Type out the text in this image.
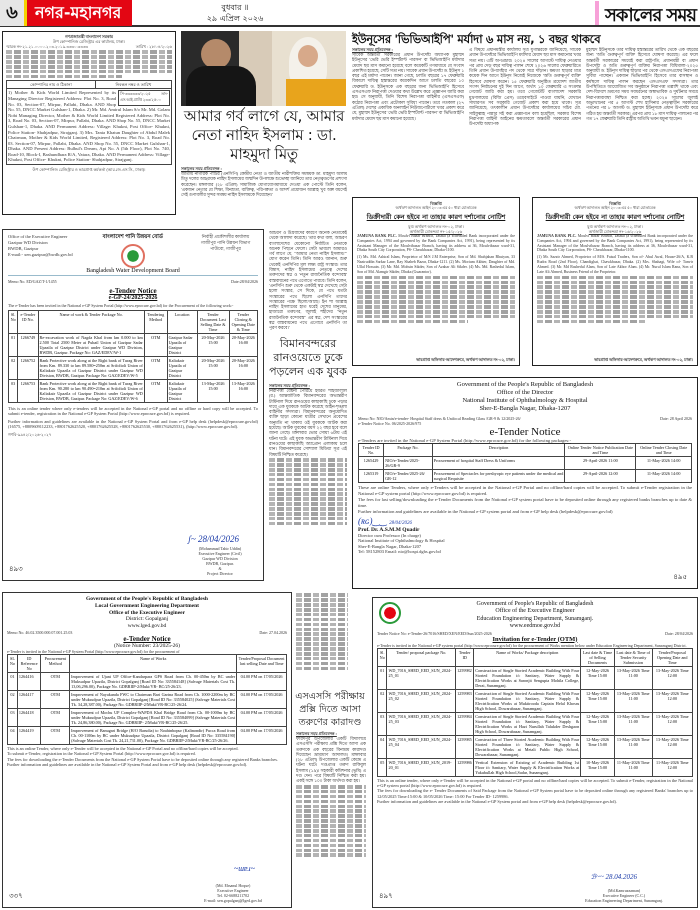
৬	নগর-মহানগর	বুধবার ॥
২৯ এপ্রিল ২০২৬	সকালের সময়
গণপ্রজাতন্ত্রী বাংলাদেশ সরকার
উপ কোম্পানিজ রেজিস্ট্রার এর কার্যালয়, ঢাকা।
স্মারক নং-২১.২১.০০০০.২০৩.২০১৯.৩৩৩০.৩৩৩৩	তারিখ : ২৮/০৪/২০২৬
কোম্পানির নাম ও ঠিকানা	নিবন্ধন নম্বর ও তারিখ

সি-৩৩৩৩৩৩/২০২৫ তাং- এস.আই.প্রাপ্তি ২৩৩/২৫০০
1) Mother & Kids World Limited Represented by its Managing Director Registered Address: Plot No. 3, Road No. 03, Section-07, Mirpur, Pallabi, Dhaka. AND Shop No. 55, DNCC Market Gulshan-1, Dhaka. 2) Mr. Md. Amirul Islam S/o Mr. Md. Golam Nobi Managing Director, Mother & Kids World Limited Registered Address: Plot No. 3, Road No. 03, Section-07, Mirpur, Pallabi, Dhaka. AND Shop No. 55, DNCC Market Gulshan-1, Dhaka. AND Permanent Address: Village: Khukni, Post Office- Khukni, Police Station- Shahjadpur, Sirajganj. 3) Mrs. Tania Khatun Daughter of Abdul Malek Chairman, Mother & Kids World Limited, Registered Address: Plot No. 3, Road No. 03. Section-07, Mirpur, Pallabi, Dhaka. AND Shop No. 55, DNCC Market Gulshan-1, Dhaka. AND Present Address: Bulbul's Dream, Apt No. A (5th Floor), Plot No. 740, Road-10, Block-I, Bashundhara R/A, Vatara, Dhaka. AND Permanent Address: Village- Khukni, Post Office- Khukni, Police Station- Shahjadpur, Sirajganj.
উপ কোম্পানিজ রেজিস্ট্রার ও ভারপ্রাপ্ত কর্মকর্তা (আর.জে.এস.সি., ঢাকা)।
আমার গর্ব লাগে যে, আমার নেতা নাহিদ ইসলাম : ডা. মাহমুদা মিতু
সকালের সময় প্রতিবেদক :
জাতীয় নাগরিক পার্টির (এনসিপি) কেন্দ্রীয় নেতা ও জাতীয় নারীশক্তির সমন্বয়ক ডা. মাহমুদা আলম মিতু দলের আহ্বায়ক নাহিদ ইসলামের জন্মদিন উপলক্ষে শুভেচ্ছা জানিয়ে তার নেতৃত্বগুণের প্রশংসা করেছেন। মঙ্গলবার (২৮ এপ্রিল) সামাজিক যোগাযোগমাধ্যমে দেওয়া এক পোস্টে তিনি বলেন, 'একজন নেতার যে শিক্ষা, বিনম্রতা, ব্যক্তিত্ব, পরিপক্বতা ও আদর্শ প্রয়োজন আল্লাহ খুব অল্প বয়সেই সেই গুণাবলীর সুন্দর সমন্বয় নাহিদ ইসলামকে দিয়েছেন।'
Office of the Executive Engineer
Gazipur WD Division
BWDB, Gazipur
E-mail:- xen.gazipur@bwdb.gov.bd
বাংলাদেশ পানি উন্নয়ন বোর্ড	নির্বাহী প্রকৌশলীর কার্যালয়
গাজীপুর পানি উন্নয়ন বিভাগ
পাউবো, গাজীপুর
Bangladesh Water Development Board
Memo No. ED/GAZ/T-1/1455	Date:28/04/2026
e-Tender Notice
e-GP-24/2025-2026
The e-Tender has been invited in the National e-GP System Portal (http://www.eprocure.gov.bd) for the Procurement of the following work:-
Sl. No	e-Tender ID No.	Name of work & Tender Package No.	Tendering Method	Location	Tender Document Last Selling Date & Time	Tender Closing & Opening Date & Time
01	1266749	Re-excavation work of Nagda Khal from km 0.000 to km 2.500 Total 2500 Meter at Pubail Union of Gazipur Sadar Upazila of Gazipur District under Gazipur WD Division, BWDB, Gazipur. Package No: GAZ/EDEV/W-1	OTM	Gazipur Sadar Upazila of Gazipur District	20-May-2026 15:00	20-May-2026 16:00
02	1266752	Bank Protective work along at the Right bank of Turag River from Km. 89.330 to km 89.580=250m at Srifoltoli Union of Kaliakair Upazila of Gazipur District under Gazipur WD Division, BWDB, Gazipur. Package No: GAZ/EDEV/W-5	OTM	Kaliakair Upazila of Gazipur District	20-May-2026 15:00	20-May-2026 16:00
03	1266753	Bank Protective work along at the Right bank of Turag River from Km. 90.280 to km 90.490=210m at Srifoltoli Union of Kaliakair Upazila of Gazipur District under Gazipur WD Division, BWDB, Gazipur. Package No: GAZ/EDEV/W-6	OTM	Kaliakair Upazila of Gazipur District	13-May-2026 15:00	13-May-2026 16:00
This is an online tender where only e-tenders will be accepted in the National e-GP portal and no offline or hard copy will be accepted. To submit e-tender, registration in the National e-GP System Portal (http://www.eprocure.gov.bd) is required.
Further information and guidelines are available in the National e-GP System Portal and from e-GP help desk (helpdesk@eprocure.gov.bd) (16575, +8809609112233, +8801762625520, +8801762625528, +8801762625530, +8801762625531), (http://www.eprocure.gov.bd).
গণবি-৯৯৪২/২০২৬-২০২৭
ʃ~ 28/04/2026
(Mohammad Tahir Uddin)
Executive Engineer (Civil)
Gazipur WD Division
BWDB, Gazipur.
&
Project Director
৪৯৩
আচরণ ও উগ্রবাদের কারণে অনেক নেতাকেই থেকে আলাদা করেছে। 'তার কথা বলা, আচরণ বাংলাদেশের যেকোনো নির্বাচিত নেতাকে অনেক পিছনে ফেলে। সেটা ভাবলে আমারও গর্ব লাগে যে, "আমার নেতা নাহিদ ইসলাম।"' যোগ করেন তিনি। তিনি আরও জানান, শুরু থেকেই এনসিপির মূল লক্ষ্য রাষ্ট্র সংস্কার। তার বিশ্বাস, নাহিদ ইসলামের নেতৃত্বে দেশের তরুণদের স্বপ্ন ও 'নতুন রাজনৈতিক বন্দোবস্ত' বাস্তবায়নের পথে এগোতে পারবে। তিনি বলেন, 'এনসিপি শুরু থেকে একটাই স্বপ্ন দেখেছে সেটা হলো সংস্কার, সে দিকে, যে পথে যতটা সংস্কারের পথে ছিলো এনসিপি তাদের সংস্কারের পক্ষে ছিলো/আছে। ইন শা আল্লাহ নাহিদ ইসলামের হাত ধরেই দেশের মানুষের, হাজারো তরুণের, জুলাই শহীদের "নতুন রাজনৈতিক বন্দোবস্ত" এর স্বপ্ন, দেশ সংস্কারের স্বপ্ন বাস্তবায়নের পথে এগোবে এনসিপি তা পূরণ করবে।'
বিমানবন্দরের রানওয়েতে ঢুকে পড়লেন এক যুবক
সকালের সময় প্রতিবেদক :
নিরাপত্তা বেষ্টনী পেরিয়ে হযরত শাহজালাল (র.) আন্তর্জাতিক বিমানবন্দরের অভ্যন্তরীণ টার্মিনাল দিয়ে রানওয়ের কাছাকাছি ঢুকে পড়ার দায়ে এক যুবককে আটক করেছে আইন-শৃঙ্খলা বাহিনীর সদস্যরা। বিমানবন্দরের অনুমোদিত ব্যক্তি ছাড়া কোনো যাত্রীর সেখানে প্রবেশের অনুমতি না থাকায় ওই যুবককে আটক করা হয়েছে। আটক যুবকের বয়স ২২ বছর হবে বলে জানা গেছে। মঙ্গলবার ভোর সোয়া ৬টায় এই ঘটনা ঘটে। এই যুবক অভ্যন্তরীণ টার্মিনাল দিয়ে রানওয়ের কাছাকাছি অ্যাপ্রোন এলাকায় চলে যান। বিমানবন্দরের সোশ্যাল মিডিয়া সূত্র এই বিষয়টি নিশ্চিত করেছে।
ইউনূসের 'ভিভিআইপি' মর্যাদা ৬ মাস নয়, ১ বছর থাকবে
সকালের সময় প্রতিবেদক :
সাবেক অন্তর্বর্তী সরকারের প্রধান উপদেষ্টা অধ্যাপক মুহাম্মদ ইউনূসের 'ভেরি ভেরি ইম্পর্ট্যান্ট পারসন' বা ভিভিআইপি মর্যাদার মেয়াদ ছয় মাস কমানো হয়েছে বলে কয়েকটি গণমাধ্যমে যে সংবাদ প্রকাশিত হয়েছে, সেটি সত্য নয়। সাবেক প্রধান উপদেষ্টা ড. ইউনূস ১ বছর এই মর্যাদা পাবেন। জানা গেছে, চলতি বছরের ১৭ ফেব্রুয়ারি বিকালে দায়িত্ব হস্তান্তরের কয়েকদিন আগে চলতি বছরের ১০ ফেব্রুয়ারি ড. ইউনূসকে এক বছরের জন্য ভিভিআইপি হিসেবে এসএসএফ নিরাপত্তা দেওয়ার কথা উল্লেখ করে প্রজ্ঞাপন জারি করা হয়। সে অনুযায়ী, তিনি বিশেষ নিরাপত্তা বাহিনীর (এসএসএফ) কঠোর নিরাপত্তা এবং প্রটোকল সুবিধা পাবেন। তবে গতকাল (২৭ এপ্রিল) দেশের একাধিক অনলাইন নিউজপোর্টালে খবর প্রকাশ করে যে, মুহাম্মদ ইউনূসের 'ভেরি ভেরি ইম্পর্ট্যান্ট পারসন' বা ভিভিআইপি মর্যাদার মেয়াদ ছয় মাস কমানো হয়েছে।
এ বিষয়ে প্রধানমন্ত্রীর কার্যালয় সূত্র যুগান্তরকে জানিয়েছে, সাবেক প্রধান উপদেষ্টার ভিভিআইপি মর্যাদার মেয়াদ ছয় মাস কমানোর খবর সত্য নয়। এটি অপপ্রচার। ২০২৪ সালের আগস্টে দায়িত্ব নেওয়ার পর প্রায় দেড় বছর দায়িত্ব পালন শেষে ২০২৬ সালের ফেব্রুয়ারিতে তিনি প্রধান উপদেষ্টার পদ থেকে সরে দাঁড়ান। ক্ষমতা ছাড়ার মাত্র কয়েক দিন আগে ইউনূস নিজেই নিজেকে 'অতি গুরুত্বপূর্ণ ব্যক্তি' হিসেবে ঘোষণা করেন। ১৫ ফেব্রুয়ারি অনুষ্ঠিত ত্রয়োদশ জাতীয় সংসদ নির্বাচনের দুই দিন আগে, অর্থাৎ ১০ ফেব্রুয়ারি এ সংক্রান্ত গেজেট জারি করা হয়। তবে গেজেটটি বাংলাদেশ সরকারি মুদ্রণালয়ের (বিজি প্রেস) ওয়েবসাইটে পাওয়া যায়নি, যেখানে সাধারণত সব সরকারি গেজেট প্রকাশ করা হয়ে থাকে। সূত্র জানিয়েছে, তৎকালীন প্রধান উপদেষ্টার কার্যালয়ের সচিব মো. সাইফুল্লাহ পান্নার সই করা প্রজ্ঞাপনে বলা হয়েছিল, সরকার বিশেষ নিরাপত্তা বাহিনী আইনের ক্ষমতাবলে অন্তর্বর্তী সরকারের প্রধান উপদেষ্টা অধ্যাপক
মুহাম্মদ ইউনূসকে তার দায়িত্ব হস্তান্তরের তারিখ থেকে এক বছরের জন্য 'অতি গুরুত্বপূর্ণ ব্যক্তি' হিসেবে ঘোষণা করেছে। এর ফলে অন্তর্বর্তী সরকারের সময়েই করা রাষ্ট্রপতি, প্রধানমন্ত্রী বা প্রধান উপদেষ্টা ও অতি গুরুত্বপূর্ণ ব্যক্তির নিরাপত্তা বিধিমালা-২০২৫ অনুযায়ী ড. ইউনূস দায়িত্ব ছাড়ার পর থেকে এসএসএফের নিরাপত্তা সুবিধা পাচ্ছেন। একজন ভিভিআইপি হিসেবে তার বাসস্থান ও কর্মস্থলে দায়িত্ব পালন করছেন এসএসএফ সদস্যরা। তার উপস্থিতিতে আয়োজিত সব অনুষ্ঠানে নিরাপত্তা তল্লাশি থাকে এবং দেশ-বিদেশে ভ্রমণের সময় সবধরনের অস্বাভাবিক ও দুর্ঘটনার সময়ে নিরাপত্তাব্যবস্থা নিশ্চিত করা হচ্ছে। ২০২৪ সালের জুলাই অভ্যুত্থানের পর ৫ আগস্ট শেখ হাসিনার নেতৃত্বাধীন সরকারের পতনের পর ৮ আগস্ট ড. মুহাম্মদ ইউনূসকে প্রধান উপদেষ্টা করে গঠিত হয় অন্তর্বর্তী সরকার। এরপর প্রায় ১৮ মাস দায়িত্ব পালনের পর গত ১৭ ফেব্রুয়ারি তিনি রাষ্ট্রীয় অতিথি ভবন যমুনা ছাড়েন।
বিজ্ঞপ্তি
অর্থঋণ আদালত আইন ২০০৩ এর ৫০ ধারা মোতাবেক
ডিক্রীদারী কেন হইবে না তাহার কারণ দর্শানোর নোটিশ
যুগ্ম অর্থঋণ আদালত নং-০২, ঢাকা।
অর্থজারী মোকদ্দমা নং-১৫/২০২৬
JAMUNA BANK PLC. Moulvi Bazar Branch, Dhaka (a scheduled Bank incorporated under the Companies Act, 1994 and governed by the Bank Companies Act, 1991), being represented by its Assistant Manager of the Moulvibazar Branch, having its address at 36, Moulvibazar ward-31, Dhaka South City Corporation, PS- Chawkbazar, Dhaka-1100.
(1) Ms. Md. Ashiral Islam, Proprietor of M/S J.M Enterprise, Son of Md. Shahjahan Bhuiyan, 33 Naziruddin Sarkar Lane, Ray Shaheb Bazar, Dhaka-1211. (2) Ms. Morium Akhter, Daughter of Md. Ullal Hossain. (3) Mr. Md. Mohsin Sikder, Son of Azahar Ali Sikder. (4) Ms. Md. Rashedul Islam, Son of Md. Alamgir Sikder, Dhaka (Guarantor).
ভারপ্রাপ্ত অফিসার-আদেশক্রমে, অর্থঋণ আদালত নং-০২, ঢাকা।
বিজ্ঞপ্তি
অর্থঋণ আদালত আইন ২০০৩ এর ৫০ ধারা মোতাবেক
ডিক্রীদারী কেন হইবে না তাহার কারণ দর্শানোর নোটিশ
যুগ্ম অর্থঋণ আদালত নং-০২, ঢাকা।
অর্থজারী মোকদ্দমা নং-১৬/২০২৬
JAMUNA BANK PLC. Moulvi Bazar Branch, Dhaka (a scheduled Bank incorporated under the Companies Act, 1994 and governed by the Bank Companies Act, 1991), being represented by its Assistant Manager of the Moulvibazar Branch, having its address at 36, Moulvibazar ward-31, Dhaka South City Corporation, PS- Chawkbazar, Dhaka-1100.
(1) Mr. Sazzir Ahmed, Proprietor of M/S. Faisal Traders, Son of- Abul Awal, House-26/A, K.B Rudra Road (2nd Floor), Chandighat, Chawkbazar, Dhaka. (2) Mrs. Shahagi, Wife of- Tanvir Ahmed. (3) Mr. Md Rashedul Alam, Son of Late Akbor Alam. (4) Mr. Nurul Islam Rana, Son of Late Ali Ahmed, Business Friend of the Proprietor.
ভারপ্রাপ্ত অফিসার-আদেশক্রমে, অর্থঋণ আদালত নং-০২, ঢাকা।
Government of the People's Republic of Bangladesh
Office of the Director
National Institute of Ophthalmology & Hospital
Sher-E-Bangla Nagar, Dhaka-1207
Memo No: NIO/Amin/e-tender- Hospital Staff dress & Unifocal Reading Glass /GR-9 & 12/2025-26/	Date: 28 April 2026
e-Tender Notice No. 06/2025-2026/975
e-Tender Notice
e-Tenders are invited in the National e-GP System Portal (http://www.eprocure.gov.bd) for the following packages:-
Tender ID No.	Package No.	Description	Online Tender Notice Publication Date and Time	Online Tender Closing Date and Time
1265429	NIO/e-Tender/2025-26/GR-9	Procurement of hospital Staff Dress & Uniforms	29-April-2026 11:00	11-May-2026 14:00
1265319	NIO/e-Tender/2025-26/ GR-12	Procurement of Spectacles for presbyopic eye patients under the medical and surgical Requisite	29-April-2026 12:00	11-May-2026 14:00
These are online Tenders, where only e-Tenders will be accepted in the National e-GP Portal and no offline/hard copies will be accepted. To submit e-Tender registration in the National e-GP system portal (http://www.eprocure.gov.bd) is required.
The fees for last selling/downloading the e-Tender Documents from the National e-GP system portal have to be deposited online through any registered banks branches up to date & time.
Further information and guidelines are available in the National e-GP system portal and from e-GP help desk (helpdesk@eprocure.gov.bd)
(ʀɢ)‿‿ 28/04/2026
Prof. Dr. A.S.M.M Quadir
Director cum Professor (In charge)
National Institute of Ophthalmology & Hospital
Sher-E-Bangla Nagar, Dhaka-1207
Tel: 58152803 Email: nio@hospi.dghs.gov.bd
৪৯৫
Government of the People's Republic of Bangladesh
Local Government Engineering Department
Office of the Executive Engineer
District: Gopalganj
www.lged.gov.bd
Memo No. 46.02.3500.000.07.001.25.03	Date: 27.04.2026
e-Tender Notice
(Notice Number: 23/2025-26)
e-Tender is invited in the National e-GP System Portal (http://www.eprocure.gov.bd) for the procurement of
SL No	ID Reference No	Procurement Method	Name of Works	Tender/Proposal Document last selling Date and Time
01	1264416	OTM	Improvement of Ujani UP Office-Kandarpara GPS Road from Ch. 00-450m by BC under Muksudpur Upazila, District Gopalganj [Road ID No: 335584148] (Salvage Materials Cost Tk. 13,06,296.00), Package No. GDBRIIP-2/Muki/VR- BC/25-26/23.	04.00 PM on 17/05/2026
02	1264417	OTM	Improvement of Nayakanda FWC to Chairman Bari Garina Road from Ch. 1000-2200m by BC under Muksudpur Upazila, District Gopalganj [Road ID No: 335584025] (Salvage Materials Cost Tk. 34,28,387.00), Package No. GDBRIIP-2/Muki/VR-BC/25-26/24.	04.00 PM on 17/05/2026
03	1264418	OTM	Improvement of Mochu UP Complex-WAPDA Khal Bridge Road from Ch. 00-1000m by BC under Muksudpur Upazila, District Gopalganj [Road ID No: 335584099] (Salvage Materials Cost Tk. 24,86,380.00), Package No. GDBRIIP- 2/Muki/VR-BC/25-26/25.	04.00 PM on 17/05/2026
04	1264419	OTM	Improvement of Banugari Bridge (H/O Barudia) to Noahinbopur (Kalinondir) Pucca Road from Ch. 00-1100m by BC under Muksudpur Upazila, District Gopalganj [Road ID No: 335584190] (Salvage Materials Cost Tk. 24,21,731.00), Package No. GDBRIIP-2/Muki/VR-BC/25-26/26.	04.00 PM on 17/05/2026
This is an online Tender, where only e-Tender will be accepted in the National e-GP Portal and no offline/hard copies will be accepted.
To submit e-Tender, registration in the National e-GP System Portal (http://www.eprocure.gov.bd) is required.
The fees for downloading the e-Tender Documents from the National e-GP System Portal have to be deposited online through any registered Banks branches.
Further information and guidelines are available in the National e-GP System Portal and from e-GP help desk (helpdesk@eprocure.gov.bd).
~ɯɐɹ~
(Md. Ehsanul Hoque)
Executive Engineer
Tel. 02-6688211702
E-mail: xen.gopalganj@lged.gov.bd
৩৩৭
এসএসসি পরীক্ষায় প্রক্সি দিতে আসা তরুণের কারাদণ্ড
সকালের সময় প্রতিবেদক :
ফরিদপুর উপজেলার একটি বিদ্যালয়ে এসএসসি পরীক্ষায় প্রক্সি দিতে আসা এক তরুণকে এক বছরের বিনাশ্রম কারাদণ্ড দিয়েছেন ভ্রাম্যমাণ আদালত। মঙ্গলবার (২৮ এপ্রিল) উপজেলার একটি কেন্দ্রে এ ঘটনা ঘটে। দণ্ডপ্রাপ্ত তরুণ রাকিবুল ইসলাম (১৯)। সহকারী কমিশনার (ভূমি) এ দণ্ড দেন। পরে বিষয়টি নিশ্চিত করা হয়। একই সঙ্গে ১০০ টাকা অর্থদণ্ড করা হয়।
Government of People's Republic of Bangladesh
Office of the Executive Engineer
Education Engineering Department, Sunamganj.
www.eedmoe.gov.bd
Tender Notice No: e-Tender-26/7016/SHED/XEN/EED/Sun/2025-2026	Date: 28/04/2026
Invitation for e-Tender (OTM)
e-Tender is invited in the National e-GP system portal (http://www.eprocure.gov.bd) for the procurement of Works mention below under Education Engineering Department, Sunamganj District.
Sl. No	Tender/ proposal package No.	Tender ID	Name of Works/ Package description	Last date & Time of Selling Documents	Last date & Time of Tender Security Submission	Tender/Proposal Opening Date and Time
01	WD_7016_SHED_EED_SUN_2024-25_01	1259982	Construction of Single Storied Academic Building With Four Storied Foundation i/c Sanitary, Water Supply & Electrification Works at Saronjit Sengupta Mohila College, Derai, Sunamganj.	12-May-2026 Time 15:00	13-May-2026 Time 11:00	13-May-2026 Time 12:00
02	WD_7016_SHED_EED_SUN_2024-25_02	1259983	Construction of Single Storied Academic Building With Four Storied Foundation i/c Sanitary, Water Supply & Electrification Works at Muktirooda Captain Helal Khosru High School, Dowarabazar, Sunamganj.	12-May-2026 Time 15:00	13-May-2026 Time 11:00	13-May-2026 Time 12:00
03	WD_7016_SHED_EED_SUN_2024-25_03	1259984	Construction of Single Storied Academic Building With Four Storied Foundation i/c Sanitary, Water Supply & Electrification Works at Hazi Nurullah Talukder Deshgaon High School, Dowarabazar, Sunamganj.	12-May-2026 Time 15:00	13-May-2026 Time 11:00	13-May-2026 Time 12:00
04	WD_7016_SHED_EED_SUN_2024-25_04	1259985	Construction of Three Storied Academic Building With Four Storied Foundation i/c Sanitary, Water Supply & Electrification Works at Metali Public High School, Dowarabazar, Sunamganj.	12-May-2026 Time 15:00	13-May-2026 Time 11:00	13-May-2026 Time 12:00
05	WD_7016_SHED_EED_SUN_2019-20_01	1259986	Vertical Extension of Existing of Academic Building 1st Floor i/c Sanitary, Water Supply & Electrification Works at Yakubullah High School,Sadar, Sunamganj.	10-May-2026 Time 15:00	11-May-2026 Time 11:00	11-May-2026 Time 12:00
This is an online tender, where only e-Tender will be accepted in the National e-GP portal and no offline/hard copies will be accepted. To submit e-Tender, registration in the National e-GP system portal (http://www.eprocure.gov.bd) is required.
The fees for downloading the e- Tender Documents of Said Package from the National e-GP System portal have to be deposited online through any registered Banks' branches up to 12/05/2025 Time:15:00 & 10/05/2026 Time: 15:00 For Tender ID- 1259986.
Further information and guidelines are available in the National e-GP System portal and from e-GP help desk (helpdesk@eprocure.gov.bd).
ℬ~~ 28.04.2026
(Md.Kamruzzaman)
Executive Engineer (C.C.)
Education Engineering Department, Sunamganj.
৪৯৭
